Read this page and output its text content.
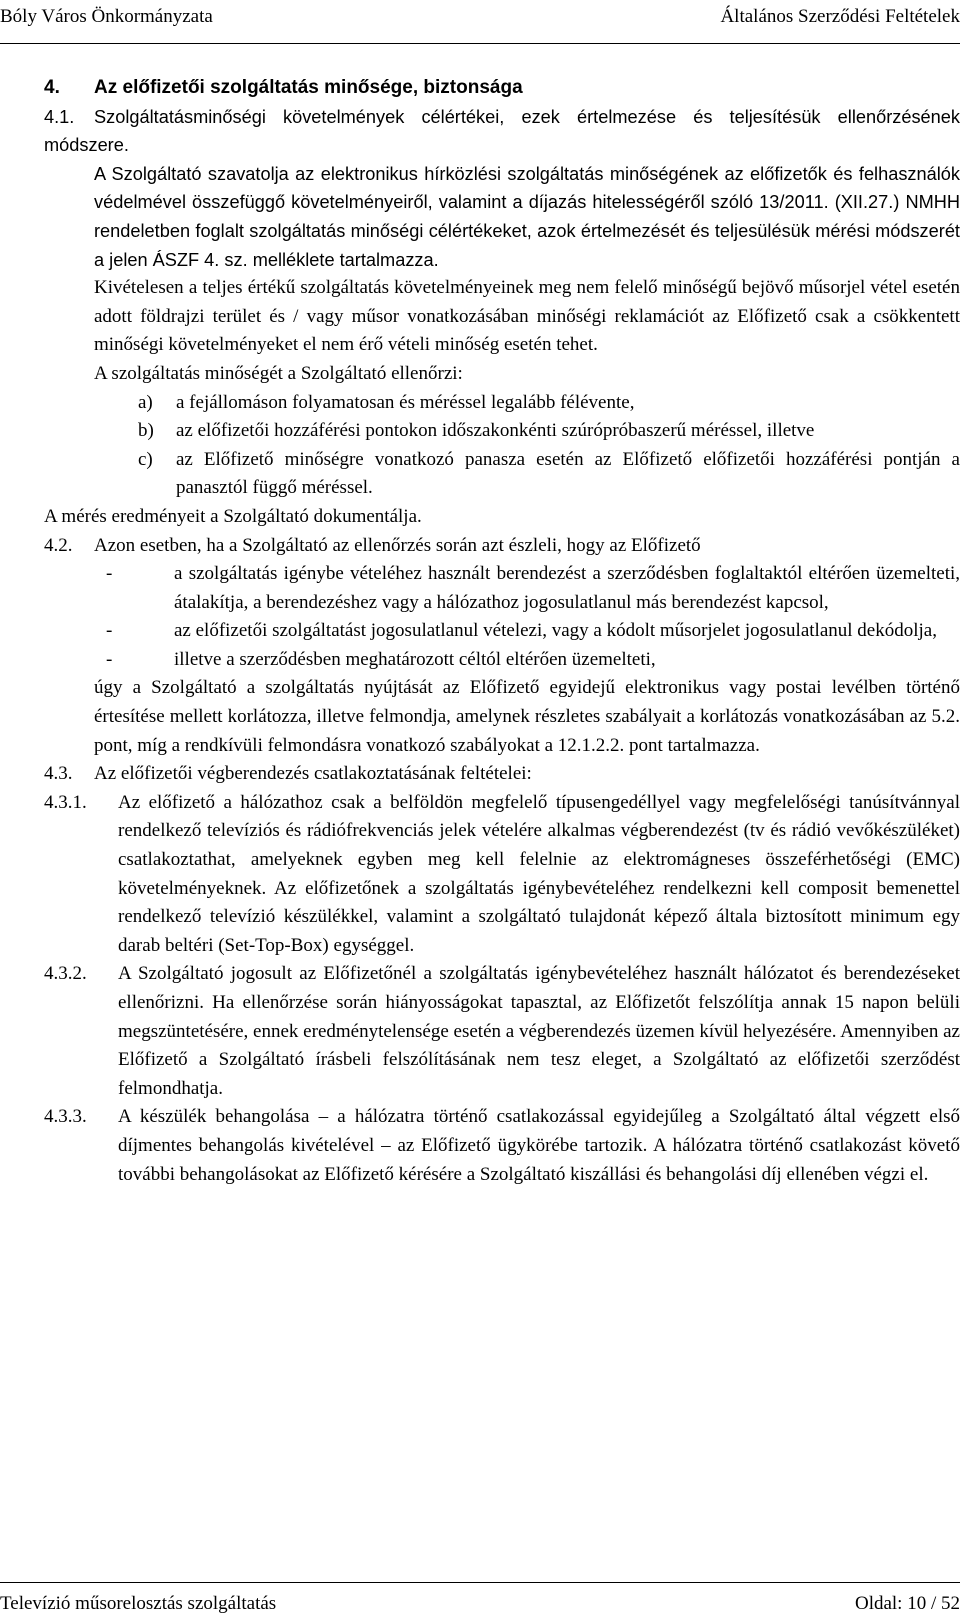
Bóly Város Önkormányzata	Általános Szerződési Feltételek

4.	Az előfizetői szolgáltatás minősége, biztonsága

4.1.	Szolgáltatásminőségi követelmények célértékei, ezek értelmezése és teljesítésük ellenőrzésének módszere.

A Szolgáltató szavatolja az elektronikus hírközlési szolgáltatás minőségének az előfizetők és felhasználók védelmével összefüggő követelményeiről, valamint a díjazás hitelességéről szóló 13/2011. (XII.27.) NMHH rendeletben foglalt szolgáltatás minőségi célértékeket, azok értelmezését és teljesülésük mérési módszerét a jelen ÁSZF 4. sz. melléklete tartalmazza.

Kivételesen a teljes értékű szolgáltatás követelményeinek meg nem felelő minőségű bejövő műsorjel vétel esetén adott földrajzi terület és / vagy műsor vonatkozásában minőségi reklamációt az Előfizető csak a csökkentett minőségi követelményeket el nem érő vételi minőség esetén tehet.

A szolgáltatás minőségét a Szolgáltató ellenőrzi:

a)	a fejállomáson folyamatosan és méréssel legalább félévente,
b)	az előfizetői hozzáférési pontokon időszakonkénti szúrópróbaszerű méréssel, illetve
c)	az Előfizető minőségre vonatkozó panasza esetén az Előfizető előfizetői hozzáférési pontján a panasztól függő méréssel.

A mérés eredményeit a Szolgáltató dokumentálja.

4.2.	Azon esetben, ha a Szolgáltató az ellenőrzés során azt észleli, hogy az Előfizető

-	a szolgáltatás igénybe vételéhez használt berendezést a szerződésben foglaltaktól eltérően üzemelteti, átalakítja, a berendezéshez vagy a hálózathoz jogosulatlanul más berendezést kapcsol,
-	az előfizetői szolgáltatást jogosulatlanul vételezi, vagy a kódolt műsorjelet jogosulatlanul dekódolja,
-	illetve a szerződésben meghatározott céltól eltérően üzemelteti,

úgy a Szolgáltató a szolgáltatás nyújtását az Előfizető egyidejű elektronikus vagy postai levélben történő értesítése mellett korlátozza, illetve felmondja, amelynek részletes szabályait a korlátozás vonatkozásában az 5.2. pont, míg a rendkívüli felmondásra vonatkozó szabályokat a 12.1.2.2. pont tartalmazza.

4.3.	Az előfizetői végberendezés csatlakoztatásának feltételei:

4.3.1.	Az előfizető a hálózathoz csak a belföldön megfelelő típusengedéllyel vagy megfelelőségi tanúsítvánnyal rendelkező televíziós és rádiófrekvenciás jelek vételére alkalmas végberendezést (tv és rádió vevőkészüléket) csatlakoztathat, amelyeknek egyben meg kell felelnie az elektromágneses összeférhetőségi (EMC) követelményeknek. Az előfizetőnek a szolgáltatás igénybevételéhez rendelkezni kell composit bemenettel rendelkező televízió készülékkel, valamint a szolgáltató tulajdonát képező általa biztosított minimum egy darab beltéri (Set-Top-Box) egységgel.
4.3.2.	A Szolgáltató jogosult az Előfizetőnél a szolgáltatás igénybevételéhez használt hálózatot és berendezéseket ellenőrizni. Ha ellenőrzése során hiányosságokat tapasztal, az Előfizetőt felszólítja annak 15 napon belüli megszüntetésére, ennek eredménytelensége esetén a végberendezés üzemen kívül helyezésére. Amennyiben az Előfizető a Szolgáltató írásbeli felszólításának nem tesz eleget, a Szolgáltató az előfizetői szerződést felmondhatja.
4.3.3.	A készülék behangolása – a hálózatra történő csatlakozással egyidejűleg a Szolgáltató által végzett első díjmentes behangolás kivételével – az Előfizető ügykörébe tartozik. A hálózatra történő csatlakozást követő további behangolásokat az Előfizető kérésére a Szolgáltató kiszállási és behangolási díj ellenében végzi el.
Televízió műsorelosztás szolgáltatás	Oldal: 10 / 52
